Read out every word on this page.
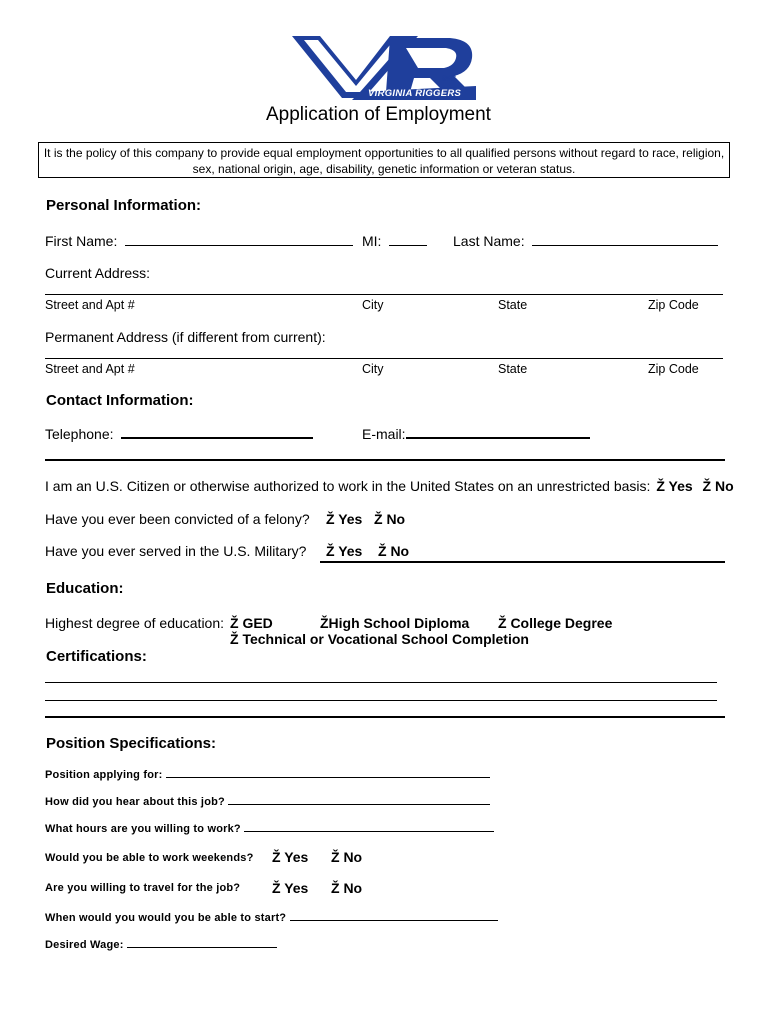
INC.
VIRGINIA RIGGERS
Application of Employment
It is the policy of this company to provide equal employment opportunities to all qualified persons without regard to race, religion, sex, national origin, age, disability, genetic information or veteran status.
Personal Information:
First Name:	MI:	Last Name:
Current Address:
Street and Apt #	City	State	Zip Code
Permanent Address (if different from current):
Street and Apt #	City	State	Zip Code
Contact Information:
Telephone:	E-mail:
I am an U.S. Citizen or otherwise authorized to work in the United States on an unrestricted basis: Ž Yes Ž No
Have you ever been convicted of a felony? Ž Yes Ž No
Have you ever served in the U.S. Military? Ž Yes Ž No
Education:
Highest degree of education: Ž GED	ŽHigh School Diploma Ž College Degree
Ž Technical or Vocational School Completion
Certifications:
Position Specifications:
Position applying for:
How did you hear about this job?
What hours are you willing to work?
Would you be able to work weekends? Ž Yes Ž No
Are you willing to travel for the job? Ž Yes Ž No
When would you would you be able to start?
Desired Wage:
